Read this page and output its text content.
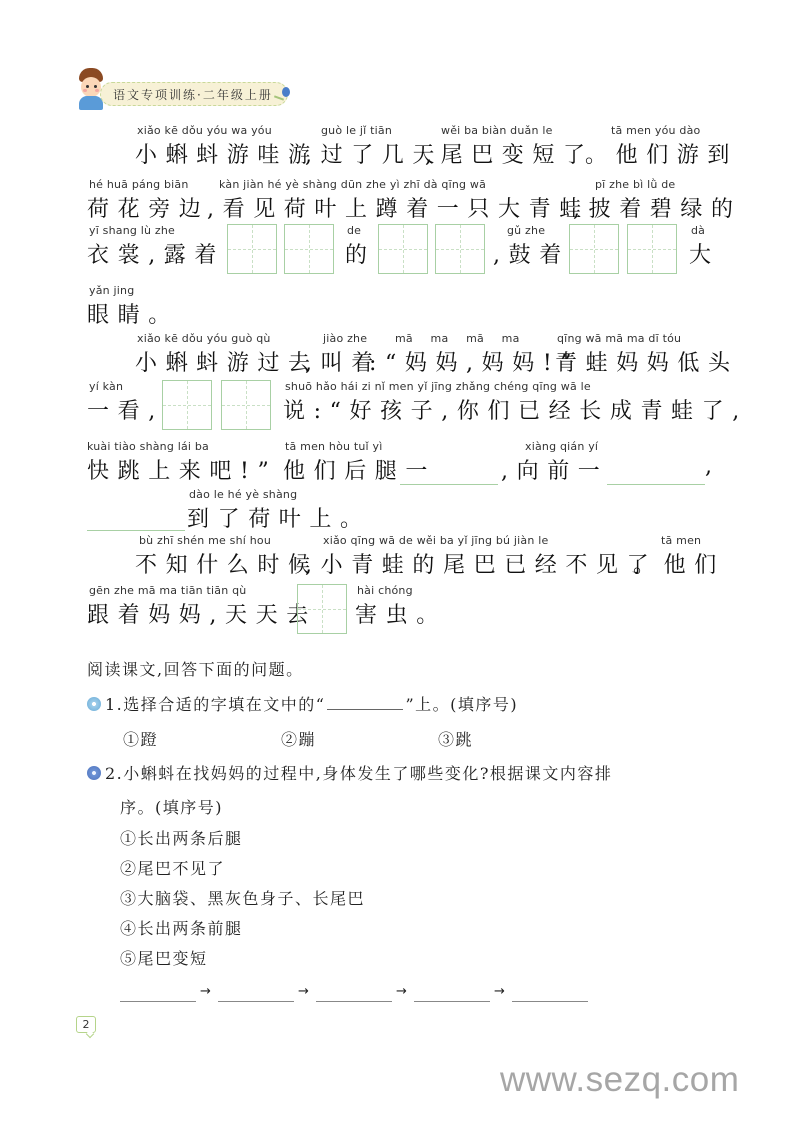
语文专项训练·二年级上册
xiǎo kē dǒu yóu wa yóu
小蝌蚪游哇游
guò le jǐ tiān
,过了几天
wěi ba biàn duǎn le
,尾巴变短了
tā men yóu dào
。他们游到
hé huā páng biān
荷花旁边
kàn jiàn hé yè shàng dūn zhe yì zhī dà qīng wā
,看见荷叶上蹲着一只大青蛙
pī zhe bì lǜ de
,披着碧绿的
yī shang lù zhe
衣裳,露着
de
的
gǔ zhe
,鼓着
dà
大
yǎn jing
眼睛。
xiǎo kē dǒu yóu guò qù
小蝌蚪游过去
jiào zhe
,叫着
mā ma mā ma
:“妈妈,妈妈!”
qīng wā mā ma dī tóu
青蛙妈妈低头
yí kàn
一看,
shuō hǎo hái zi nǐ men yǐ jīng zhǎng chéng qīng wā le
说:“好孩子,你们已经长成青蛙了,
kuài tiào shàng lái ba
快跳上来吧!”
tā men hòu tuǐ yì
他们后腿一
xiàng qián yí
,向前一	,
dào le hé yè shàng
到了荷叶上。
bù zhī shén me shí hou
不知什么时候
xiǎo qīng wā de wěi ba yǐ jīng bú jiàn le
,小青蛙的尾巴已经不见了
tā men
。他们
gēn zhe mā ma tiān tiān qù
跟着妈妈,天天去
hài chóng
害虫。
阅读课文,回答下面的问题。
1.选择合适的字填在文中的“	”上。(填序号)
①蹬	②蹦	③跳
2.小蝌蚪在找妈妈的过程中,身体发生了哪些变化?根据课文内容排
序。(填序号)
①长出两条后腿
②尾巴不见了
③大脑袋、黑灰色身子、长尾巴
④长出两条前腿
⑤尾巴变短
→	→	→	→
2
www.sezq.com
